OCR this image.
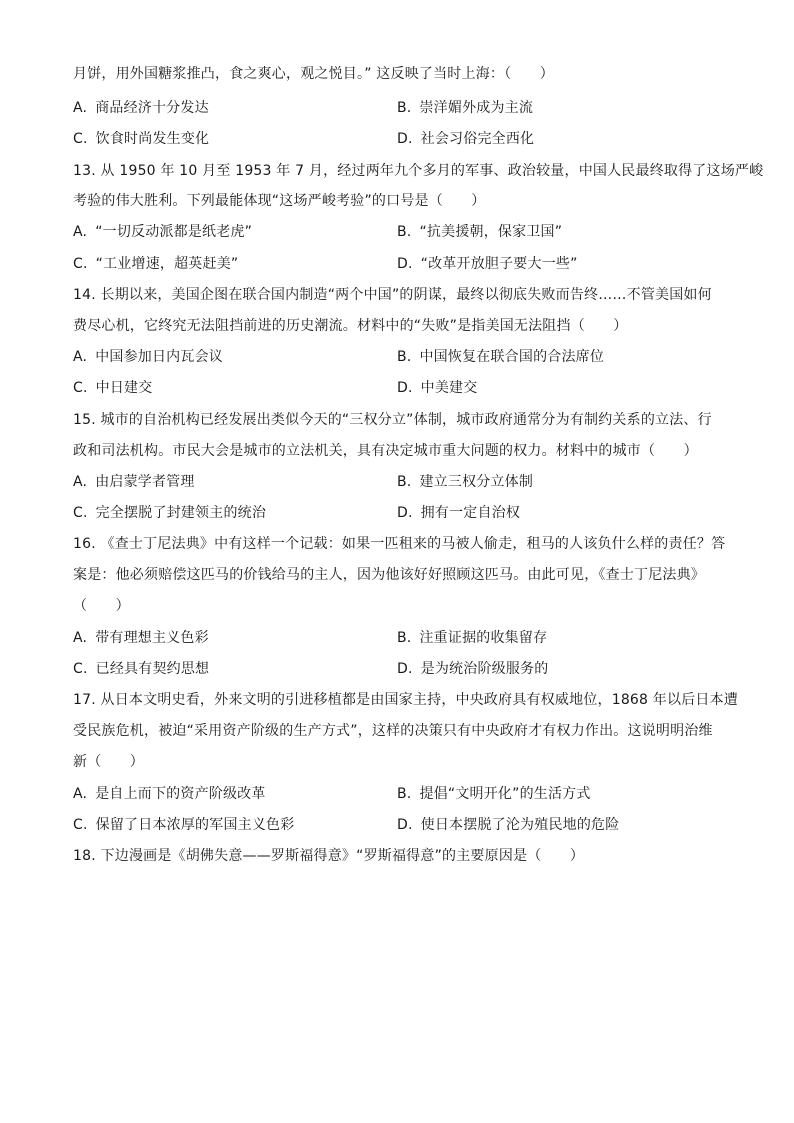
月饼，用外国糖浆推凸，食之爽心，观之悦目。” 这反映了当时上海：（　　）
A. 商品经济十分发达	B. 崇洋媚外成为主流
C. 饮食时尚发生变化	D. 社会习俗完全西化
13. 从 1950 年 10 月至 1953 年 7 月，经过两年九个多月的军事、政治较量，中国人民最终取得了这场严峻
考验的伟大胜利。下列最能体现“这场严峻考验”的口号是（　　）
A. “一切反动派都是纸老虎”	B. “抗美援朝，保家卫国”
C. “工业增速，超英赶美”	D. “改革开放胆子要大一些”
14. 长期以来，美国企图在联合国内制造“两个中国”的阴谋，最终以彻底失败而告终……不管美国如何
费尽心机，它终究无法阻挡前进的历史潮流。材料中的“失败”是指美国无法阻挡（　　）
A. 中国参加日内瓦会议	B. 中国恢复在联合国的合法席位
C. 中日建交	D. 中美建交
15. 城市的自治机构已经发展出类似今天的“三权分立”体制，城市政府通常分为有制约关系的立法、行
政和司法机构。市民大会是城市的立法机关，具有决定城市重大问题的权力。材料中的城市（　　）
A. 由启蒙学者管理	B. 建立三权分立体制
C. 完全摆脱了封建领主的统治	D. 拥有一定自治权
16. 《查士丁尼法典》中有这样一个记载：如果一匹租来的马被人偷走，租马的人该负什么样的责任？答
案是：他必须赔偿这匹马的价钱给马的主人，因为他该好好照顾这匹马。由此可见，《查士丁尼法典》
（　　）
A. 带有理想主义色彩	B. 注重证据的收集留存
C. 已经具有契约思想	D. 是为统治阶级服务的
17. 从日本文明史看，外来文明的引进移植都是由国家主持，中央政府具有权威地位，1868 年以后日本遭
受民族危机，被迫“采用资产阶级的生产方式”，这样的决策只有中央政府才有权力作出。这说明明治维
新（　　）
A. 是自上而下的资产阶级改革	B. 提倡“文明开化”的生活方式
C. 保留了日本浓厚的军国主义色彩	D. 使日本摆脱了沦为殖民地的危险
18. 下边漫画是《胡佛失意——罗斯福得意》“罗斯福得意”的主要原因是（　　）
